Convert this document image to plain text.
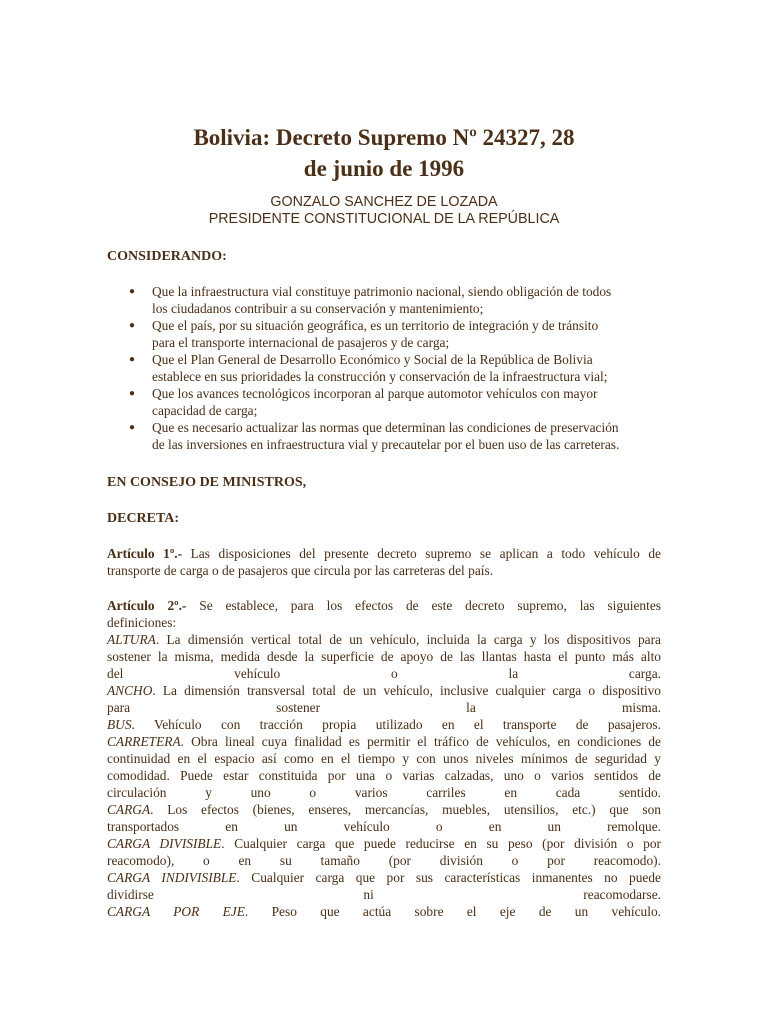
Bolivia: Decreto Supremo Nº 24327, 28
de junio de 1996
GONZALO SANCHEZ DE LOZADA
PRESIDENTE CONSTITUCIONAL DE LA REPÚBLICA
CONSIDERANDO:
● Que la infraestructura vial constituye patrimonio nacional, siendo obligación de todos
los ciudadanos contribuir a su conservación y mantenimiento;
● Que el país, por su situación geográfica, es un territorio de integración y de tránsito
para el transporte internacional de pasajeros y de carga;
● Que el Plan General de Desarrollo Económico y Social de la República de Bolivia
establece en sus prioridades la construcción y conservación de la infraestructura vial;
● Que los avances tecnológicos incorporan al parque automotor vehículos con mayor
capacidad de carga;
● Que es necesario actualizar las normas que determinan las condiciones de preservación
de las inversiones en infraestructura vial y precautelar por el buen uso de las carreteras.
EN CONSEJO DE MINISTROS,
DECRETA:
Artículo 1º.- Las disposiciones del presente decreto supremo se aplican a todo vehículo de
transporte de carga o de pasajeros que circula por las carreteras del país.
Artículo 2º.- Se establece, para los efectos de este decreto supremo, las siguientes
definiciones:
ALTURA. La dimensión vertical total de un vehículo, incluida la carga y los dispositivos para
sostener la misma, medida desde la superficie de apoyo de las llantas hasta el punto más alto
del vehículo o la carga.
ANCHO. La dimensión transversal total de un vehículo, inclusive cualquier carga o dispositivo
para sostener la misma.
BUS. Vehículo con tracción propia utilizado en el transporte de pasajeros.
CARRETERA. Obra lineal cuya finalidad es permitir el tráfico de vehículos, en condiciones de
continuidad en el espacio así como en el tiempo y con unos niveles mínimos de seguridad y
comodidad. Puede estar constituida por una o varias calzadas, uno o varios sentidos de
circulación y uno o varios carriles en cada sentido.
CARGA. Los efectos (bienes, enseres, mercancías, muebles, utensilios, etc.) que son
transportados en un vehículo o en un remolque.
CARGA DIVISIBLE. Cualquier carga que puede reducirse en su peso (por división o por
reacomodo), o en su tamaño (por división o por reacomodo).
CARGA INDIVISIBLE. Cualquier carga que por sus características inmanentes no puede
dividirse ni reacomodarse.
CARGA POR EJE. Peso que actúa sobre el eje de un vehículo.
